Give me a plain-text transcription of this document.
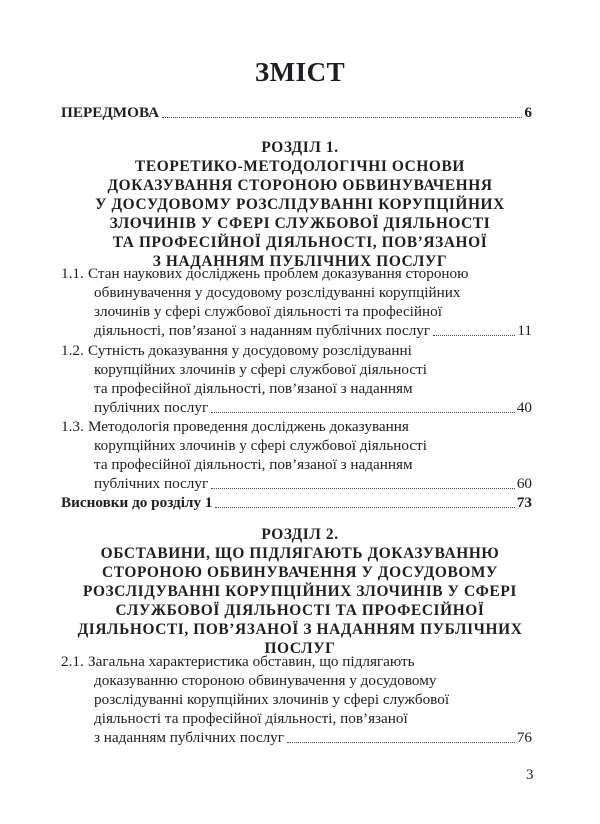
ЗМІСТ
ПЕРЕДМОВА	6
РОЗДІЛ 1.
ТЕОРЕТИКО-МЕТОДОЛОГІЧНІ ОСНОВИ
ДОКАЗУВАННЯ СТОРОНОЮ ОБВИНУВАЧЕННЯ
У ДОСУДОВОМУ РОЗСЛІДУВАННІ КОРУПЦІЙНИХ
ЗЛОЧИНІВ У СФЕРІ СЛУЖБОВОЇ ДІЯЛЬНОСТІ
ТА ПРОФЕСІЙНОЇ ДІЯЛЬНОСТІ, ПОВ’ЯЗАНОЇ
З НАДАННЯМ ПУБЛІЧНИХ ПОСЛУГ
1.1. Стан наукових досліджень проблем доказування стороною
обвинувачення у досудовому розслідуванні корупційних
злочинів у сфері службової діяльності та професійної
діяльності, пов’язаної з наданням публічних послуг	11
1.2. Сутність доказування у досудовому розслідуванні
корупційних злочинів у сфері службової діяльності
та професійної діяльності, пов’язаної з наданням
публічних послуг	40
1.3. Методологія проведення досліджень доказування
корупційних злочинів у сфері службової діяльності
та професійної діяльності, пов’язаної з наданням
публічних послуг	60
Висновки до розділу 1	73
РОЗДІЛ 2.
ОБСТАВИНИ, ЩО ПІДЛЯГАЮТЬ ДОКАЗУВАННЮ
СТОРОНОЮ ОБВИНУВАЧЕННЯ У ДОСУДОВОМУ
РОЗСЛІДУВАННІ КОРУПЦІЙНИХ ЗЛОЧИНІВ У СФЕРІ
СЛУЖБОВОЇ ДІЯЛЬНОСТІ ТА ПРОФЕСІЙНОЇ
ДІЯЛЬНОСТІ, ПОВ’ЯЗАНОЇ З НАДАННЯМ ПУБЛІЧНИХ
ПОСЛУГ
2.1. Загальна характеристика обставин, що підлягають
доказуванню стороною обвинувачення у досудовому
розслідуванні корупційних злочинів у сфері службової
діяльності та професійної діяльності, пов’язаної
з наданням публічних послуг	76
3
